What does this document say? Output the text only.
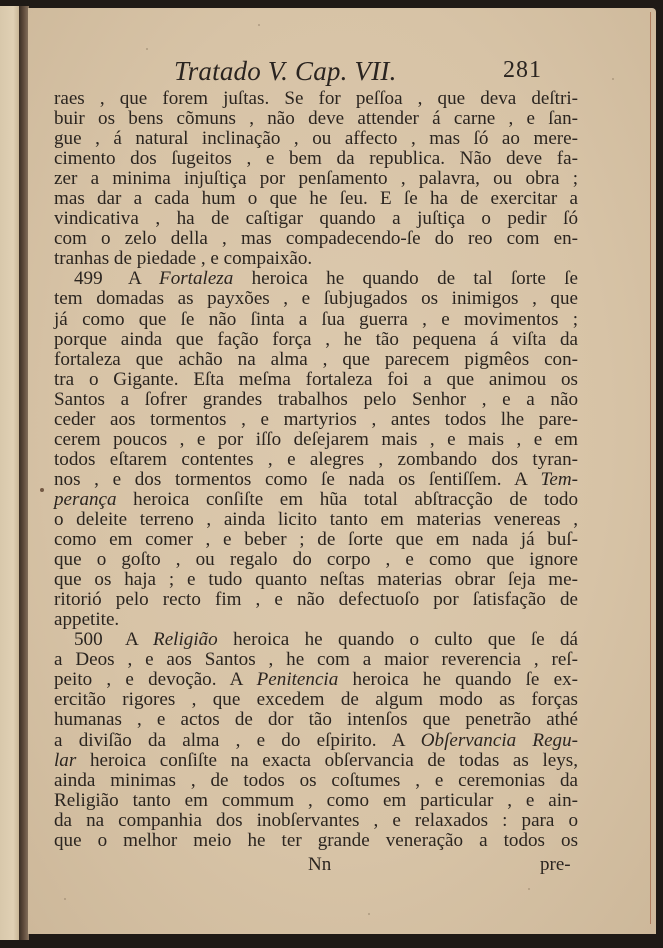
Tratado V. Cap. VII.	281
raes , que forem juſtas. Se for peſſoa , que deva deſtri-
buir os bens cõmuns , não deve attender á carne , e ſan-
gue , á natural inclinação , ou affecto , mas ſó ao mere-
cimento dos ſugeitos , e bem da republica. Não deve fa-
zer a minima injuſtiça por penſamento , palavra, ou obra ;
mas dar a cada hum o que he ſeu. E ſe ha de exercitar a
vindicativa , ha de caſtigar quando a juſtiça o pedir ſó
com o zelo della , mas compadecendo-ſe do reo com en-
tranhas de piedade , e compaixão.
499 A Fortaleza heroica he quando de tal ſorte ſe
tem domadas as payxões , e ſubjugados os inimigos , que
já como que ſe não ſinta a ſua guerra , e movimentos ;
porque ainda que fação força , he tão pequena á viſta da
fortaleza que achão na alma , que parecem pigmêos con-
tra o Gigante. Eſta meſma fortaleza foi a que animou os
Santos a ſofrer grandes trabalhos pelo Senhor , e a não
ceder aos tormentos , e martyrios , antes todos lhe pare-
cerem poucos , e por iſſo deſejarem mais , e mais , e em
todos eſtarem contentes , e alegres , zombando dos tyran-
nos , e dos tormentos como ſe nada os ſentiſſem. A Tem-
perança heroica conſiſte em hũa total abſtracção de todo
o deleite terreno , ainda licito tanto em materias venereas ,
como em comer , e beber ; de ſorte que em nada já buſ-
que o goſto , ou regalo do corpo , e como que ignore
que os haja ; e tudo quanto neſtas materias obrar ſeja me-
ritorió pelo recto fim , e não defectuoſo por ſatisfação de
appetite.
500 A Religião heroica he quando o culto que ſe dá
a Deos , e aos Santos , he com a maior reverencia , reſ-
peito , e devoção. A Penitencia heroica he quando ſe ex-
ercitão rigores , que excedem de algum modo as forças
humanas , e actos de dor tão intenſos que penetrão athé
a diviſão da alma , e do eſpirito. A Obſervancia Regu-
lar heroica conſiſte na exacta obſervancia de todas as leys,
ainda minimas , de todos os coſtumes , e ceremonias da
Religião tanto em commum , como em particular , e ain-
da na companhia dos inobſervantes , e relaxados : para o
que o melhor meio he ter grande veneração a todos os
Nn	pre-
